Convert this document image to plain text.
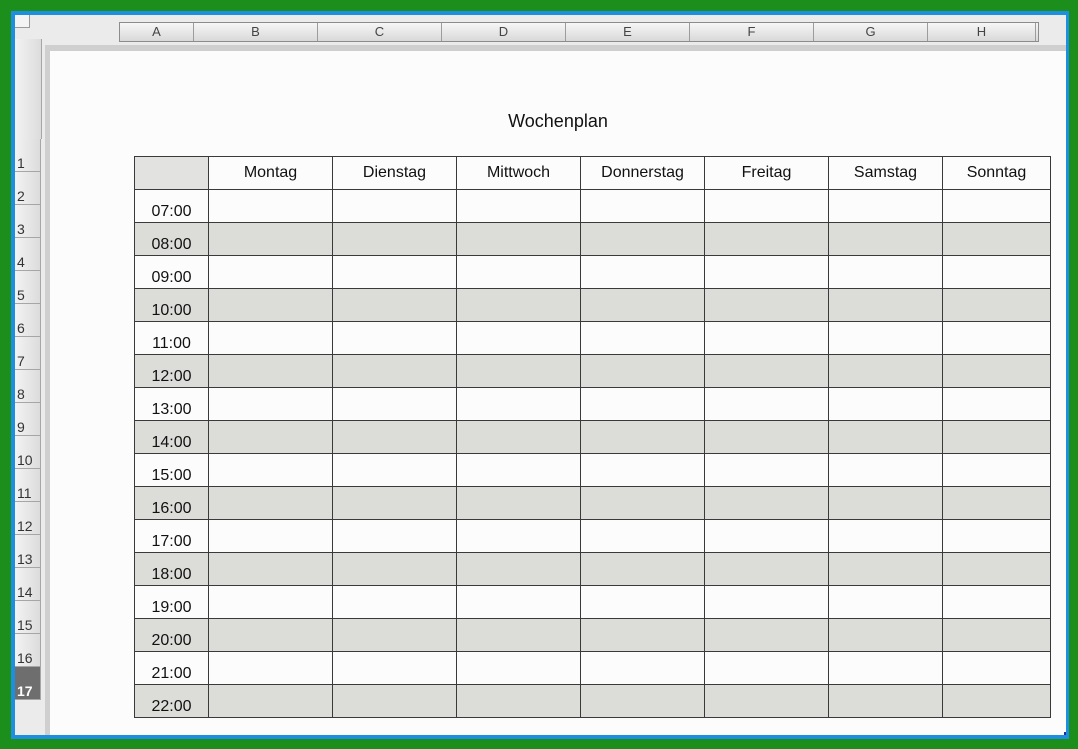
A	B	C	D	E	F	G	H
1
2
3
4
5
6
7
8
9
10
11
12
13
14
15
16
17
Wochenplan
	Montag	Dienstag	Mittwoch	Donnerstag	Freitag	Samstag	Sonntag
07:00							
08:00							
09:00							
10:00							
11:00							
12:00							
13:00							
14:00							
15:00							
16:00							
17:00							
18:00							
19:00							
20:00							
21:00							
22:00							
